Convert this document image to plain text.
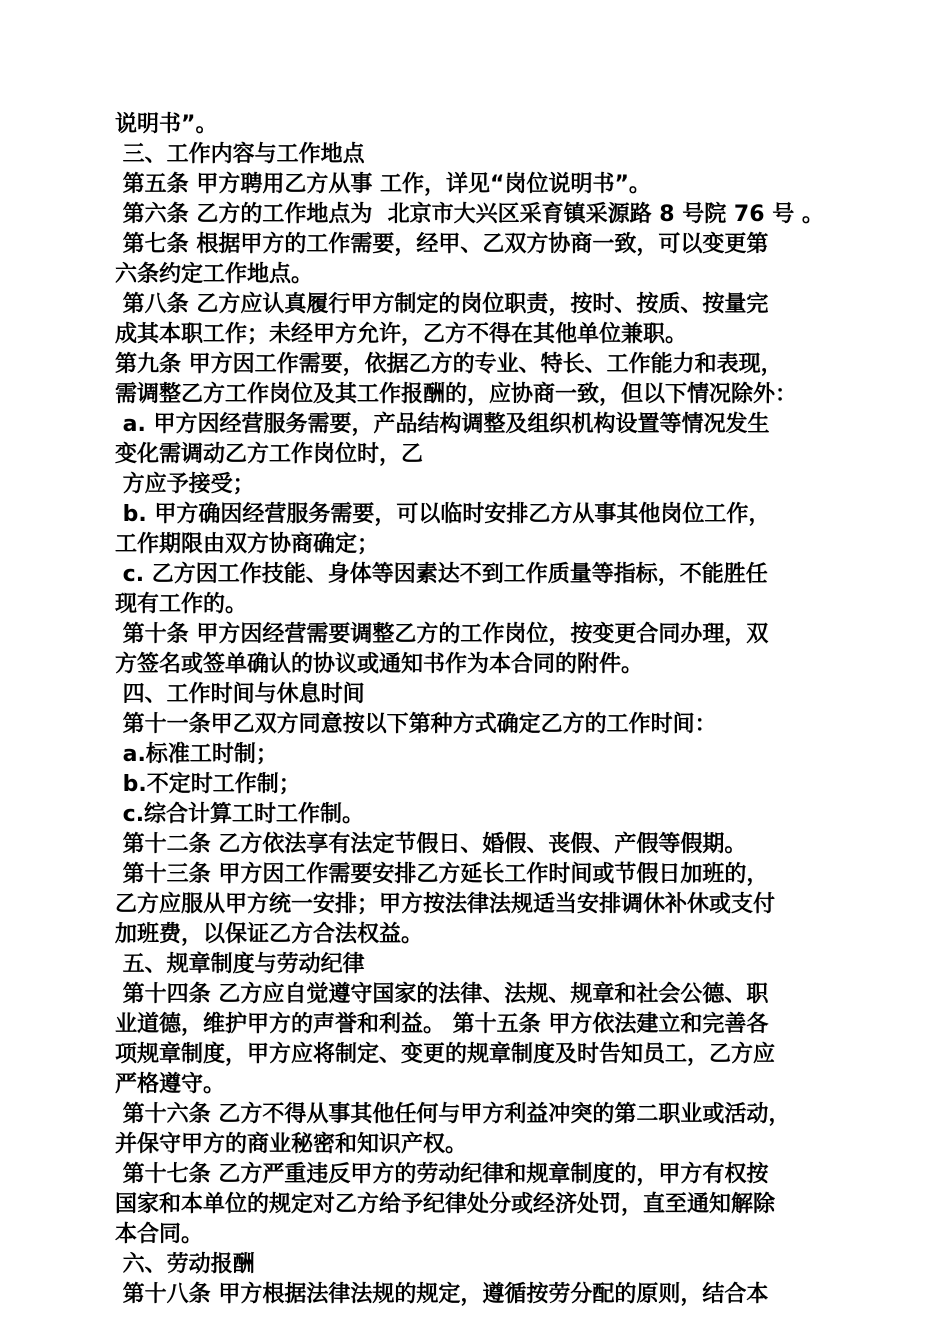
说明书”。
三、工作内容与工作地点
第五条 甲方聘用乙方从事 工作，详见“岗位说明书”。
第六条 乙方的工作地点为  北京市大兴区采育镇采源路 8 号院 76 号 。
第七条 根据甲方的工作需要，经甲、乙双方协商一致，可以变更第
六条约定工作地点。
第八条 乙方应认真履行甲方制定的岗位职责，按时、按质、按量完
成其本职工作；未经甲方允许，乙方不得在其他单位兼职。
第九条 甲方因工作需要，依据乙方的专业、特长、工作能力和表现，
需调整乙方工作岗位及其工作报酬的，应协商一致，但以下情况除外：
a. 甲方因经营服务需要，产品结构调整及组织机构设置等情况发生
变化需调动乙方工作岗位时，乙
方应予接受；
b. 甲方确因经营服务需要，可以临时安排乙方从事其他岗位工作，
工作期限由双方协商确定；
c. 乙方因工作技能、身体等因素达不到工作质量等指标，不能胜任
现有工作的。
第十条 甲方因经营需要调整乙方的工作岗位，按变更合同办理，双
方签名或签单确认的协议或通知书作为本合同的附件。
四、工作时间与休息时间
第十一条甲乙双方同意按以下第种方式确定乙方的工作时间：
a.标准工时制；
b.不定时工作制；
c.综合计算工时工作制。
第十二条 乙方依法享有法定节假日、婚假、丧假、产假等假期。
第十三条 甲方因工作需要安排乙方延长工作时间或节假日加班的，
乙方应服从甲方统一安排；甲方按法律法规适当安排调休补休或支付
加班费，以保证乙方合法权益。
五、规章制度与劳动纪律
第十四条 乙方应自觉遵守国家的法律、法规、规章和社会公德、职
业道德，维护甲方的声誉和利益。 第十五条 甲方依法建立和完善各
项规章制度，甲方应将制定、变更的规章制度及时告知员工，乙方应
严格遵守。
第十六条 乙方不得从事其他任何与甲方利益冲突的第二职业或活动，
并保守甲方的商业秘密和知识产权。
第十七条 乙方严重违反甲方的劳动纪律和规章制度的，甲方有权按
国家和本单位的规定对乙方给予纪律处分或经济处罚，直至通知解除
本合同。
六、劳动报酬
第十八条 甲方根据法律法规的规定，遵循按劳分配的原则，结合本
